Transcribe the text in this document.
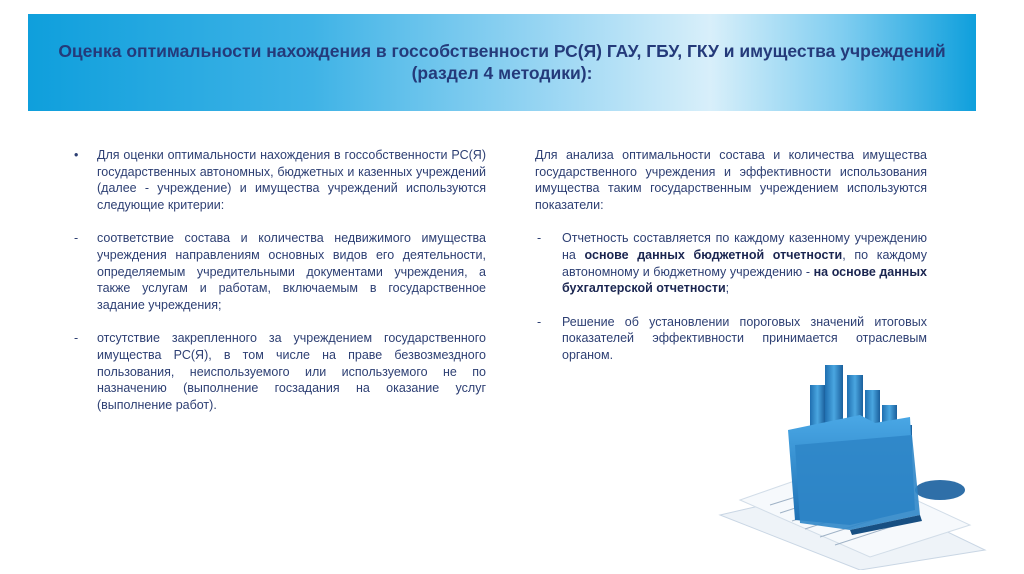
Оценка оптимальности нахождения в госсобственности РС(Я) ГАУ, ГБУ, ГКУ и имущества учреждений
(раздел 4 методики):

• Для оценки оптимальности нахождения в госсобственности РС(Я) государственных автономных, бюджетных и казенных учреждений (далее - учреждение) и имущества учреждений используются следующие критерии:

- соответствие состава и количества недвижимого имущества учреждения направлениям основных видов его деятельности, определяемым учредительными документами учреждения, а также услугам и работам, включаемым в государственное задание учреждения;

- отсутствие закрепленного за учреждением государственного имущества РС(Я), в том числе на праве безвозмездного пользования, неиспользуемого или используемого не по назначению (выполнение госзадания на оказание услуг (выполнение работ).

Для анализа оптимальности состава и количества имущества государственного учреждения и эффективности использования имущества таким государственным учреждением используются показатели:

- Отчетность составляется по каждому казенному учреждению на основе данных бюджетной отчетности, по каждому автономному и бюджетному учреждению - на основе данных бухгалтерской отчетности;

- Решение об установлении пороговых значений итоговых показателей эффективности принимается отраслевым органом.
